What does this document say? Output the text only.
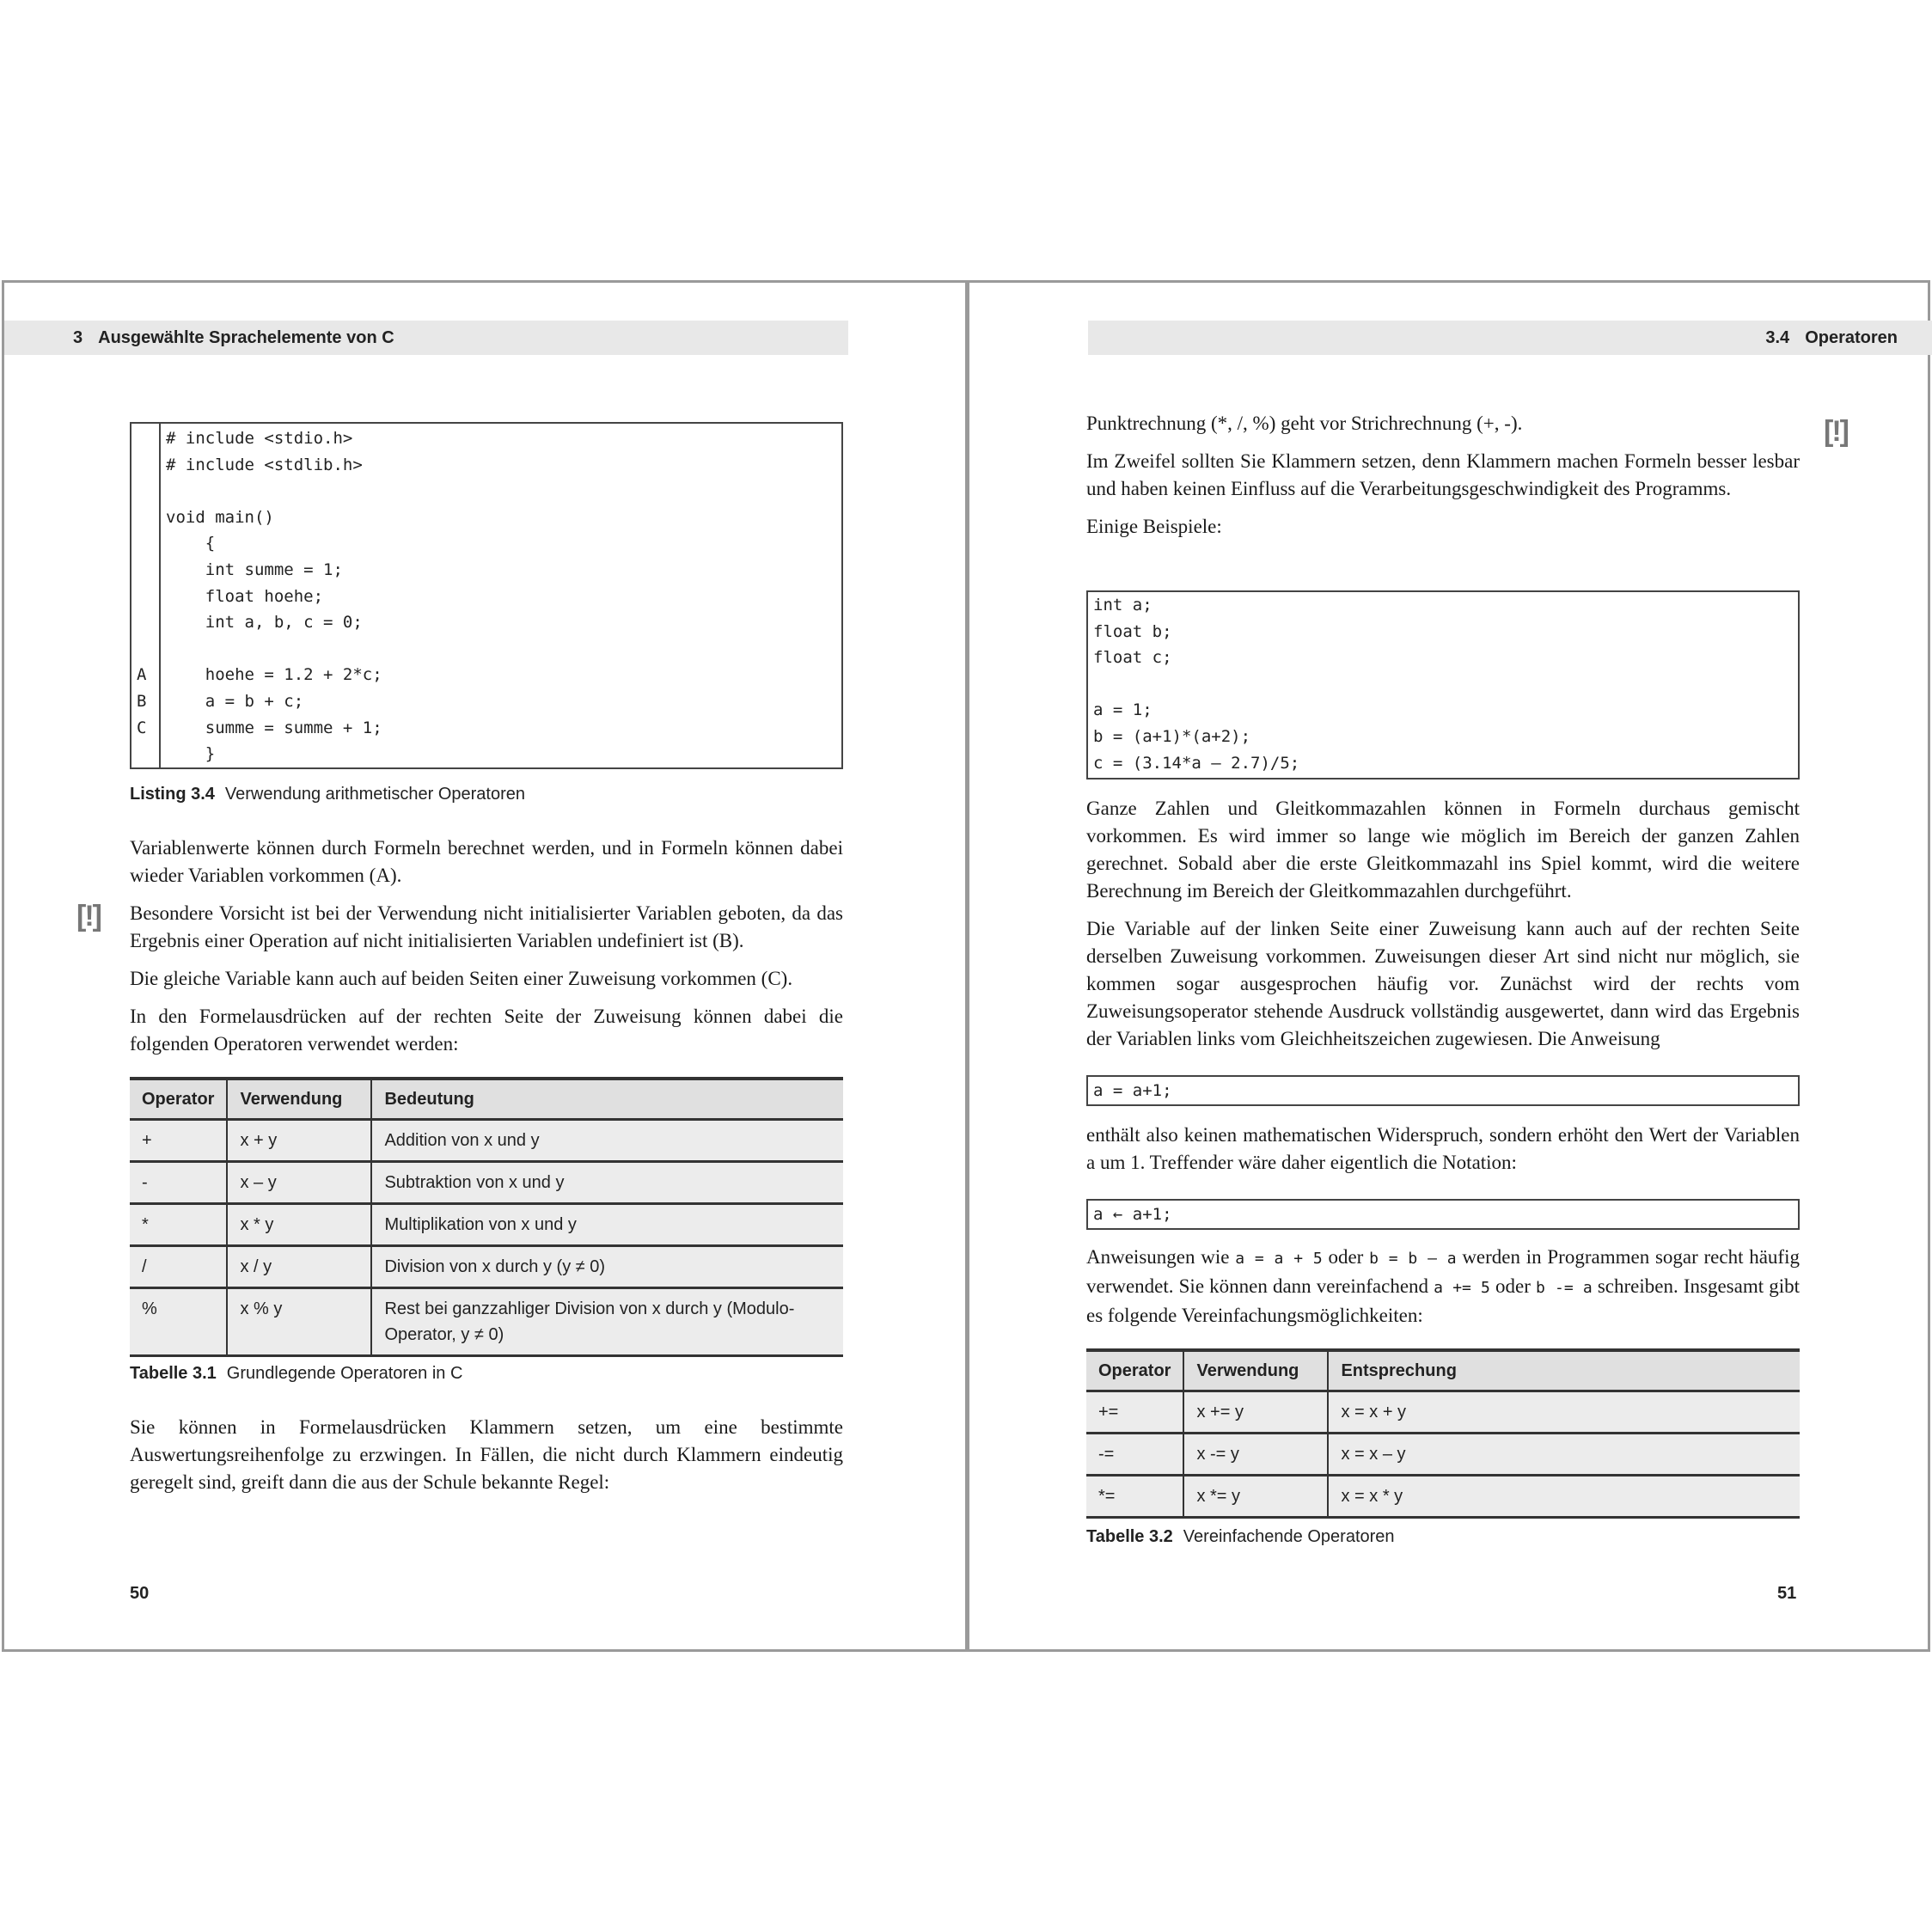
3 Ausgewählte Sprachelemente von C

A
B
C

# include <stdio.h>
# include <stdlib.h>

void main()
{
int summe = 1;
float hoehe;
int a, b, c = 0;

hoehe = 1.2 + 2*c;
a = b + c;
summe = summe + 1;
}
Listing 3.4 Verwendung arithmetischer Operatoren

Variablenwerte können durch Formeln berechnet werden, und in Formeln können dabei wieder Variablen vorkommen (A).

Besondere Vorsicht ist bei der Verwendung nicht initialisierter Variablen geboten, da das Ergebnis einer Operation auf nicht initialisierten Variablen undefiniert ist (B).

Die gleiche Variable kann auch auf beiden Seiten einer Zuweisung vorkommen (C).

In den Formelausdrücken auf der rechten Seite der Zuweisung können dabei die folgenden Operatoren verwendet werden:

[!]
Operator	Verwendung	Bedeutung
+	x + y	Addition von x und y
-	x – y	Subtraktion von x und y
*	x * y	Multiplikation von x und y
/	x / y	Division von x durch y (y ≠ 0)
%	x % y	Rest bei ganzzahliger Division von x durch y (Modulo-Operator, y ≠ 0)
Tabelle 3.1 Grundlegende Operatoren in C

Sie können in Formelausdrücken Klammern setzen, um eine bestimmte Auswertungsreihenfolge zu erzwingen. In Fällen, die nicht durch Klammern eindeutig geregelt sind, greift dann die aus der Schule bekannte Regel:

50
3.4 Operatoren
[!]

Punktrechnung (*, /, %) geht vor Strichrechnung (+, -).

Im Zweifel sollten Sie Klammern setzen, denn Klammern machen Formeln besser lesbar und haben keinen Einfluss auf die Verarbeitungsgeschwindigkeit des Programms.

Einige Beispiele:

int a;
float b;
float c;

a = 1;
b = (a+1)*(a+2);
c = (3.14*a – 2.7)/5;

Ganze Zahlen und Gleitkommazahlen können in Formeln durchaus gemischt vorkommen. Es wird immer so lange wie möglich im Bereich der ganzen Zahlen gerechnet. Sobald aber die erste Gleitkommazahl ins Spiel kommt, wird die weitere Berechnung im Bereich der Gleitkommazahlen durchgeführt.

Die Variable auf der linken Seite einer Zuweisung kann auch auf der rechten Seite derselben Zuweisung vorkommen. Zuweisungen dieser Art sind nicht nur möglich, sie kommen sogar ausgesprochen häufig vor. Zunächst wird der rechts vom Zuweisungsoperator stehende Ausdruck vollständig ausgewertet, dann wird das Ergebnis der Variablen links vom Gleichheitszeichen zugewiesen. Die Anweisung

a = a+1;

enthält also keinen mathematischen Widerspruch, sondern erhöht den Wert der Variablen a um 1. Treffender wäre daher eigentlich die Notation:

a ← a+1;

Anweisungen wie a = a + 5 oder b = b – a werden in Programmen sogar recht häufig verwendet. Sie können dann vereinfachend a += 5 oder b -= a schreiben. Insgesamt gibt es folgende Vereinfachungsmöglichkeiten:

Operator	Verwendung	Entsprechung
+=	x += y	x = x + y
-=	x -= y	x = x – y
*=	x *= y	x = x * y
Tabelle 3.2 Vereinfachende Operatoren
51
